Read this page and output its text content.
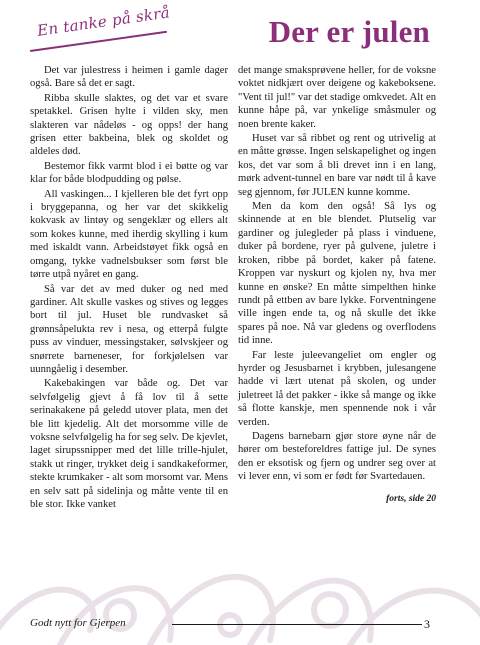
En tanke på skrå	Der er julen

Det var julestress i heimen i gamle dager også. Bare så det er sagt.

Ribba skulle slaktes, og det var et svare spetakkel. Grisen hylte i vilden sky, men slakteren var nådeløs - og opps! der hang grisen etter bakbeina, blek og skoldet og aldeles død.

Bestemor fikk varmt blod i ei bøtte og var klar for både blodpudding og pølse.

All vaskingen... I kjelleren ble det fyrt opp i bryggepanna, og her var det skikkelig kokvask av lintøy og sengeklær og ellers alt som kokes kunne, med iherdig skylling i kum med iskaldt vann. Arbeidstøyet fikk også en omgang, tykke vadnelsbukser som først ble tørre utpå nyåret en gang.

Så var det av med duker og ned med gardiner. Alt skulle vaskes og stives og legges bort til jul. Huset ble rundvasket så grønnsåpelukta rev i nesa, og etterpå fulgte puss av vinduer, messingstaker, sølvskjeer og snørrete barneneser, for forkjølelsen var uunngåelig i desember.

Kakebakingen var både og. Det var selvfølgelig gjevt å få lov til å sette serinakakene på geledd utover plata, men det ble litt kjedelig. Alt det morsomme ville de voksne selvfølgelig ha for seg selv. De kjevlet, laget sirupssnipper med det lille trille-hjulet, stakk ut ringer, trykket deig i sandkakeformer, stekte krumkaker - alt som morsomt var. Mens en selv satt på sidelinja og måtte vente til en ble stor. Ikke vanket

det mange smaksprøvene heller, for de voksne voktet nidkjært over deigene og kakeboksene. "Vent til jul!" var det stadige omkvedet. Alt en kunne håpe på, var ynkelige småsmuler og noen brente kaker.

Huset var så ribbet og rent og utrivelig at en måtte grøsse. Ingen selskapelighet og ingen kos, det var som å bli drevet inn i en lang, mørk advent-tunnel en bare var nødt til å kave seg gjennom, før JULEN kunne komme.

Men da kom den også! Så lys og skinnende at en ble blendet. Plutselig var gardiner og julegleder på plass i vinduene, duker på bordene, ryer på gulvene, juletre i kroken, ribbe på bordet, kaker på fatene. Kroppen var nyskurt og kjolen ny, hva mer kunne en ønske? En måtte simpelthen hinke rundt på ettben av bare lykke. Forventningene ville ingen ende ta, og nå skulle det ikke spares på noe. Nå var gledens og overflodens tid inne.

Far leste juleevangeliet om engler og hyrder og Jesusbarnet i krybben, julesangene hadde vi lært utenat på skolen, og under juletreet lå det pakker - ikke så mange og ikke så flotte kanskje, men spennende nok i vår verden.

Dagens barnebarn gjør store øyne når de hører om besteforeldres fattige jul. De synes den er eksotisk og fjern og undrer seg over at vi lever enn, vi som er født før Svartedauen.

forts, side 20
Godt nytt for Gjerpen	3
